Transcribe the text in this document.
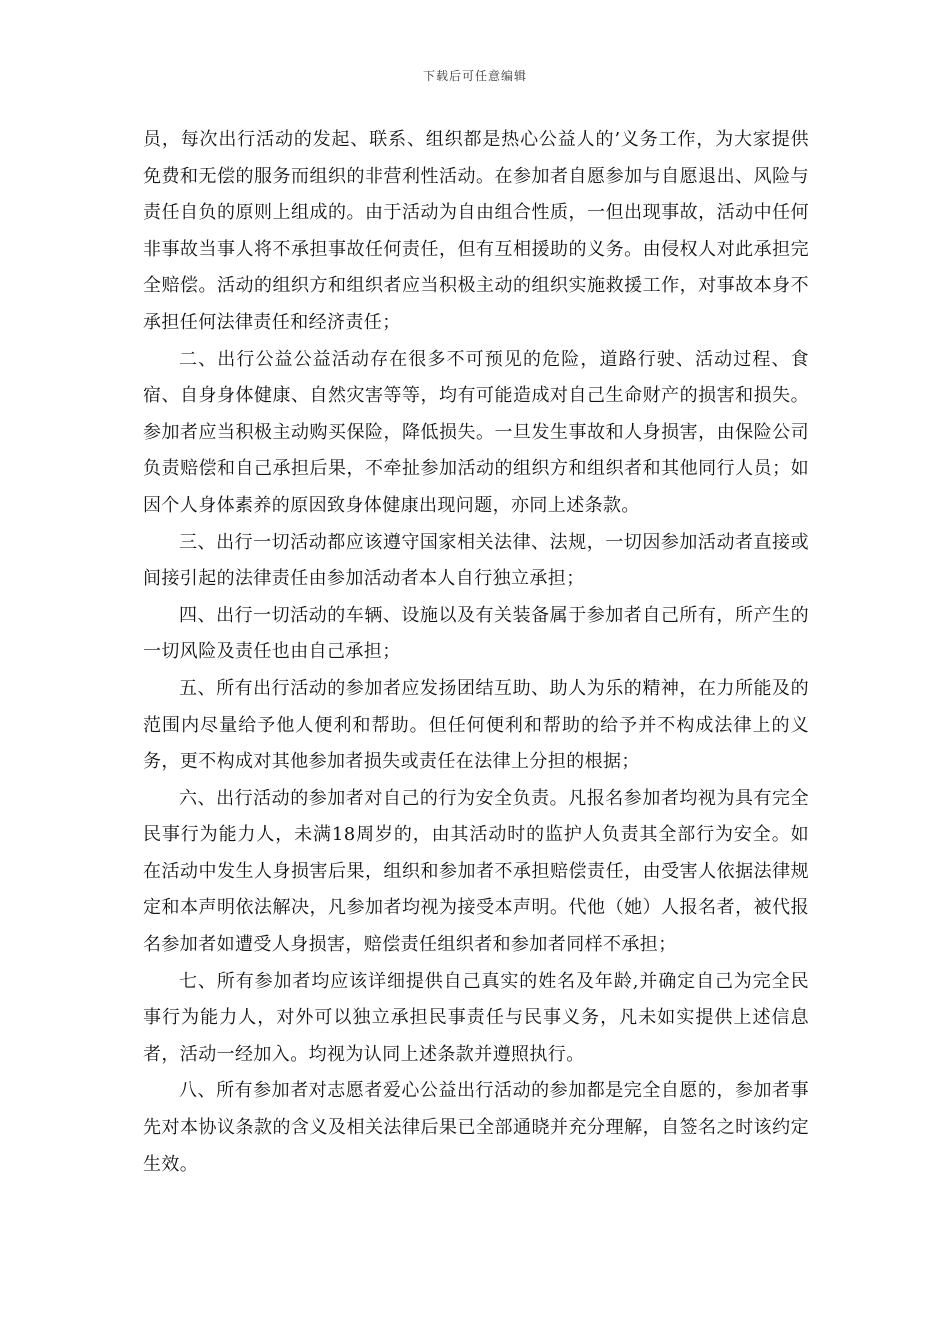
下载后可任意编辑

员，每次出行活动的发起、联系、组织都是热心公益人的’义务工作，为大家提供免费和无偿的服务而组织的非营利性活动。在参加者自愿参加与自愿退出、风险与责任自负的原则上组成的。由于活动为自由组合性质，一但出现事故，活动中任何非事故当事人将不承担事故任何责任，但有互相援助的义务。由侵权人对此承担完全赔偿。活动的组织方和组织者应当积极主动的组织实施救援工作，对事故本身不承担任何法律责任和经济责任；

二、出行公益公益活动存在很多不可预见的危险，道路行驶、活动过程、食宿、自身身体健康、自然灾害等等，均有可能造成对自己生命财产的损害和损失。参加者应当积极主动购买保险，降低损失。一旦发生事故和人身损害，由保险公司负责赔偿和自己承担后果，不牵扯参加活动的组织方和组织者和其他同行人员；如因个人身体素养的原因致身体健康出现问题，亦同上述条款。

三、出行一切活动都应该遵守国家相关法律、法规，一切因参加活动者直接或间接引起的法律责任由参加活动者本人自行独立承担；

四、出行一切活动的车辆、设施以及有关装备属于参加者自己所有，所产生的一切风险及责任也由自己承担；

五、所有出行活动的参加者应发扬团结互助、助人为乐的精神，在力所能及的范围内尽量给予他人便利和帮助。但任何便利和帮助的给予并不构成法律上的义务，更不构成对其他参加者损失或责任在法律上分担的根据；

六、出行活动的参加者对自己的行为安全负责。凡报名参加者均视为具有完全民事行为能力人，未满18周岁的，由其活动时的监护人负责其全部行为安全。如在活动中发生人身损害后果，组织和参加者不承担赔偿责任，由受害人依据法律规定和本声明依法解决，凡参加者均视为接受本声明。代他（她）人报名者，被代报名参加者如遭受人身损害，赔偿责任组织者和参加者同样不承担；

七、所有参加者均应该详细提供自己真实的姓名及年龄,并确定自己为完全民事行为能力人，对外可以独立承担民事责任与民事义务，凡未如实提供上述信息者，活动一经加入。均视为认同上述条款并遵照执行。

八、所有参加者对志愿者爱心公益出行活动的参加都是完全自愿的，参加者事先对本协议条款的含义及相关法律后果已全部通晓并充分理解，自签名之时该约定生效。
